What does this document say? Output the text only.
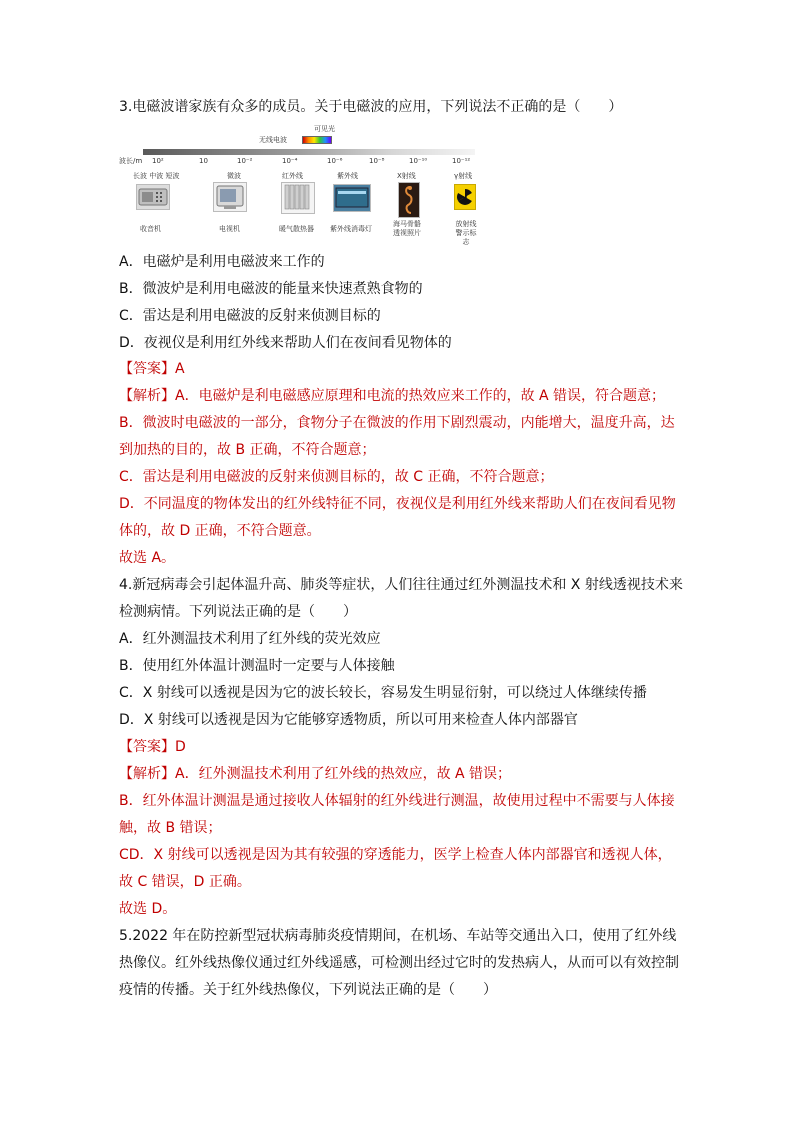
3.电磁波谱家族有众多的成员。关于电磁波的应用，下列说法不正确的是（　　）
可见光
无线电波
波长/m 10²	10	10⁻²	10⁻⁴	10⁻⁶	10⁻⁸	10⁻¹⁰	10⁻¹²
长波 中波 短波	微波	红外线	紫外线	X射线	γ射线
收音机	电视机	暖气散热器 紫外线消毒灯
海马骨骼
透视照片
放射线
警示标志
A．电磁炉是利用电磁波来工作的
B．微波炉是利用电磁波的能量来快速煮熟食物的
C．雷达是利用电磁波的反射来侦测目标的
D．夜视仪是利用红外线来帮助人们在夜间看见物体的
【答案】A
【解析】A．电磁炉是利电磁感应原理和电流的热效应来工作的，故 A 错误，符合题意；
B．微波时电磁波的一部分，食物分子在微波的作用下剧烈震动，内能增大，温度升高，达
到加热的目的，故 B 正确，不符合题意；
C．雷达是利用电磁波的反射来侦测目标的，故 C 正确，不符合题意；
D．不同温度的物体发出的红外线特征不同，夜视仪是利用红外线来帮助人们在夜间看见物
体的，故 D 正确，不符合题意。
故选 A。
4.新冠病毒会引起体温升高、肺炎等症状，人们往往通过红外测温技术和 X 射线透视技术来
检测病情。下列说法正确的是（　　）
A．红外测温技术利用了红外线的荧光效应
B．使用红外体温计测温时一定要与人体接触
C．X 射线可以透视是因为它的波长较长，容易发生明显衍射，可以绕过人体继续传播
D．X 射线可以透视是因为它能够穿透物质，所以可用来检查人体内部器官
【答案】D
【解析】A．红外测温技术利用了红外线的热效应，故 A 错误；
B．红外体温计测温是通过接收人体辐射的红外线进行测温，故使用过程中不需要与人体接
触，故 B 错误；
CD．X 射线可以透视是因为其有较强的穿透能力，医学上检查人体内部器官和透视人体，
故 C 错误，D 正确。
故选 D。
5.2022 年在防控新型冠状病毒肺炎疫情期间，在机场、车站等交通出入口，使用了红外线
热像仪。红外线热像仪通过红外线遥感，可检测出经过它时的发热病人，从而可以有效控制
疫情的传播。关于红外线热像仪，下列说法正确的是（　　）
